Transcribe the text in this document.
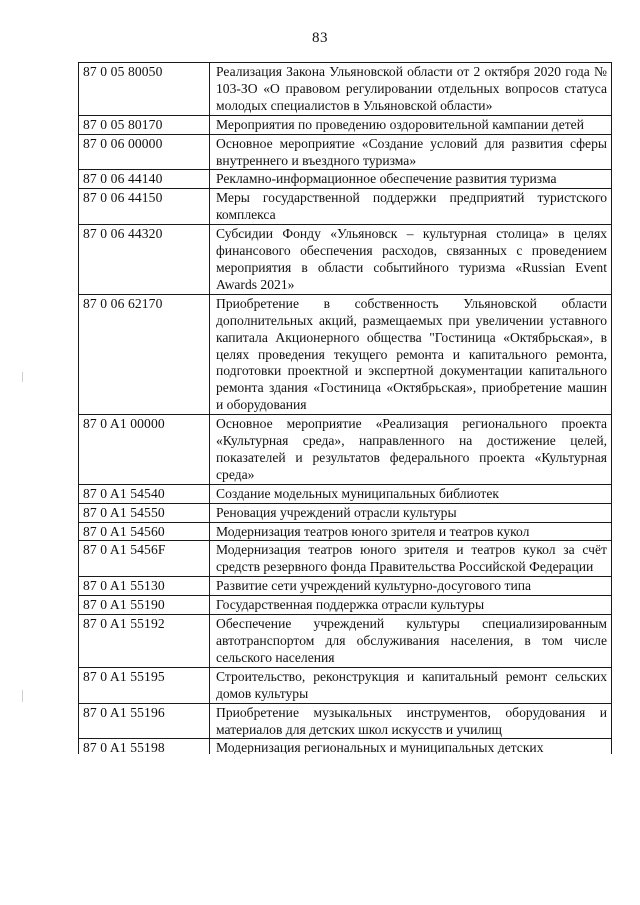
83
87 0 05 80050	Реализация Закона Ульяновской области от 2 октября 2020 года № 103-ЗО «О правовом регулировании отдельных вопросов статуса молодых специалистов в Ульяновской области»
87 0 05 80170	Мероприятия по проведению оздоровительной кампании детей
87 0 06 00000	Основное мероприятие «Создание условий для развития сферы внутреннего и въездного туризма»
87 0 06 44140	Рекламно-информационное обеспечение развития туризма
87 0 06 44150	Меры государственной поддержки предприятий туристского комплекса
87 0 06 44320	Субсидии Фонду «Ульяновск – культурная столица» в целях финансового обеспечения расходов, связанных с проведением мероприятия в области событийного туризма «Russian Event Awards 2021»
87 0 06 62170	Приобретение в собственность Ульяновской области дополнительных акций, размещаемых при увеличении уставного капитала Акционерного общества "Гостиница «Октябрьская», в целях проведения текущего ремонта и капитального ремонта, подготовки проектной и экспертной документации капитального ремонта здания «Гостиница «Октябрьская», приобретение машин и оборудования
87 0 A1 00000	Основное мероприятие «Реализация регионального проекта «Культурная среда», направленного на достижение целей, показателей и результатов федерального проекта «Культурная среда»
87 0 A1 54540	Создание модельных муниципальных библиотек
87 0 A1 54550	Реновация учреждений отрасли культуры
87 0 A1 54560	Модернизация театров юного зрителя и театров кукол
87 0 A1 5456F	Модернизация театров юного зрителя и театров кукол за счёт средств резервного фонда Правительства Российской Федерации
87 0 A1 55130	Развитие сети учреждений культурно-досугового типа
87 0 A1 55190	Государственная поддержка отрасли культуры
87 0 A1 55192	Обеспечение учреждений культуры специализированным автотранспортом для обслуживания населения, в том числе сельского населения
87 0 A1 55195	Строительство, реконструкция и капитальный ремонт сельских домов культуры
87 0 A1 55196	Приобретение музыкальных инструментов, оборудования и материалов для детских школ искусств и училищ

87 0 A1 55198	Модернизация региональных и муниципальных детских
